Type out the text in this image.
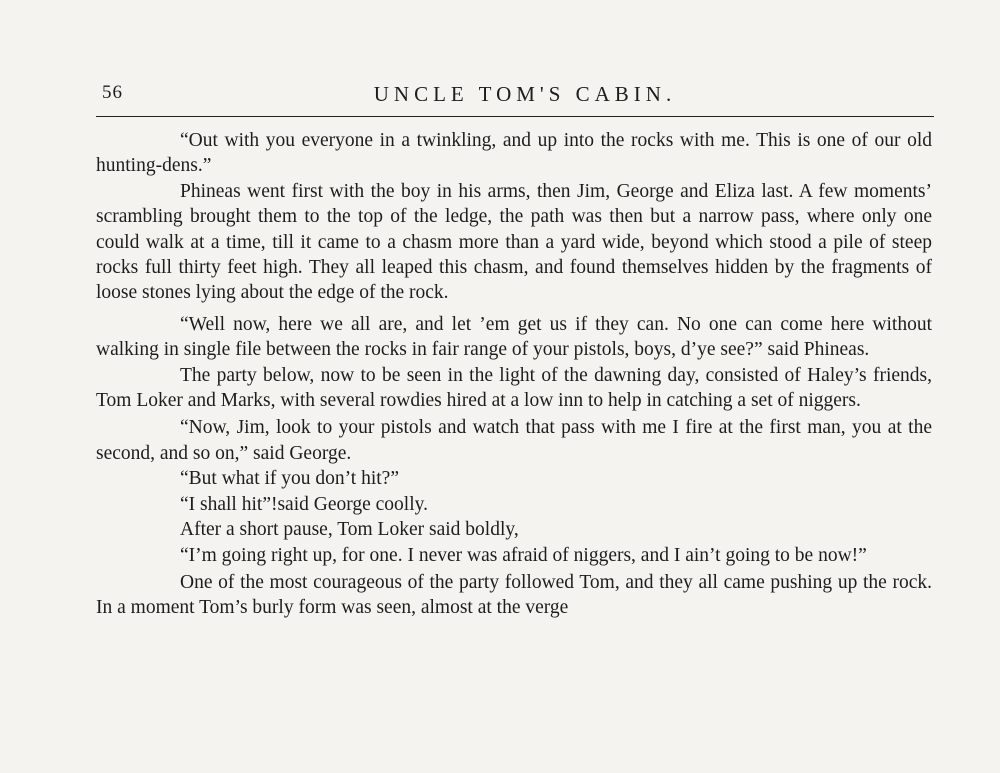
56	UNCLE TOM'S CABIN.

“Out with you everyone in a twinkling, and up into the rocks with me. This is one of our old hunting-dens.”

Phineas went first with the boy in his arms, then Jim, George and Eliza last. A few moments’ scrambling brought them to the top of the ledge, the path was then but a narrow pass, where only one could walk at a time, till it came to a chasm more than a yard wide, beyond which stood a pile of steep rocks full thirty feet high. They all leaped this chasm, and found themselves hidden by the fragments of loose stones lying about the edge of the rock.

“Well now, here we all are, and let ’em get us if they can. No one can come here without walking in single file between the rocks in fair range of your pistols, boys, d’ye see?” said Phineas.

The party below, now to be seen in the light of the dawning day, consisted of Haley’s friends, Tom Loker and Marks, with several rowdies hired at a low inn to help in catching a set of niggers.

“Now, Jim, look to your pistols and watch that pass with me I fire at the first man, you at the second, and so on,” said George.

“But what if you don’t hit?”

“I shall hit”!said George coolly.

After a short pause, Tom Loker said boldly,

“I’m going right up, for one. I never was afraid of niggers, and I ain’t going to be now!”

One of the most courageous of the party followed Tom, and they all came pushing up the rock. In a moment Tom’s burly form was seen, almost at the verge
